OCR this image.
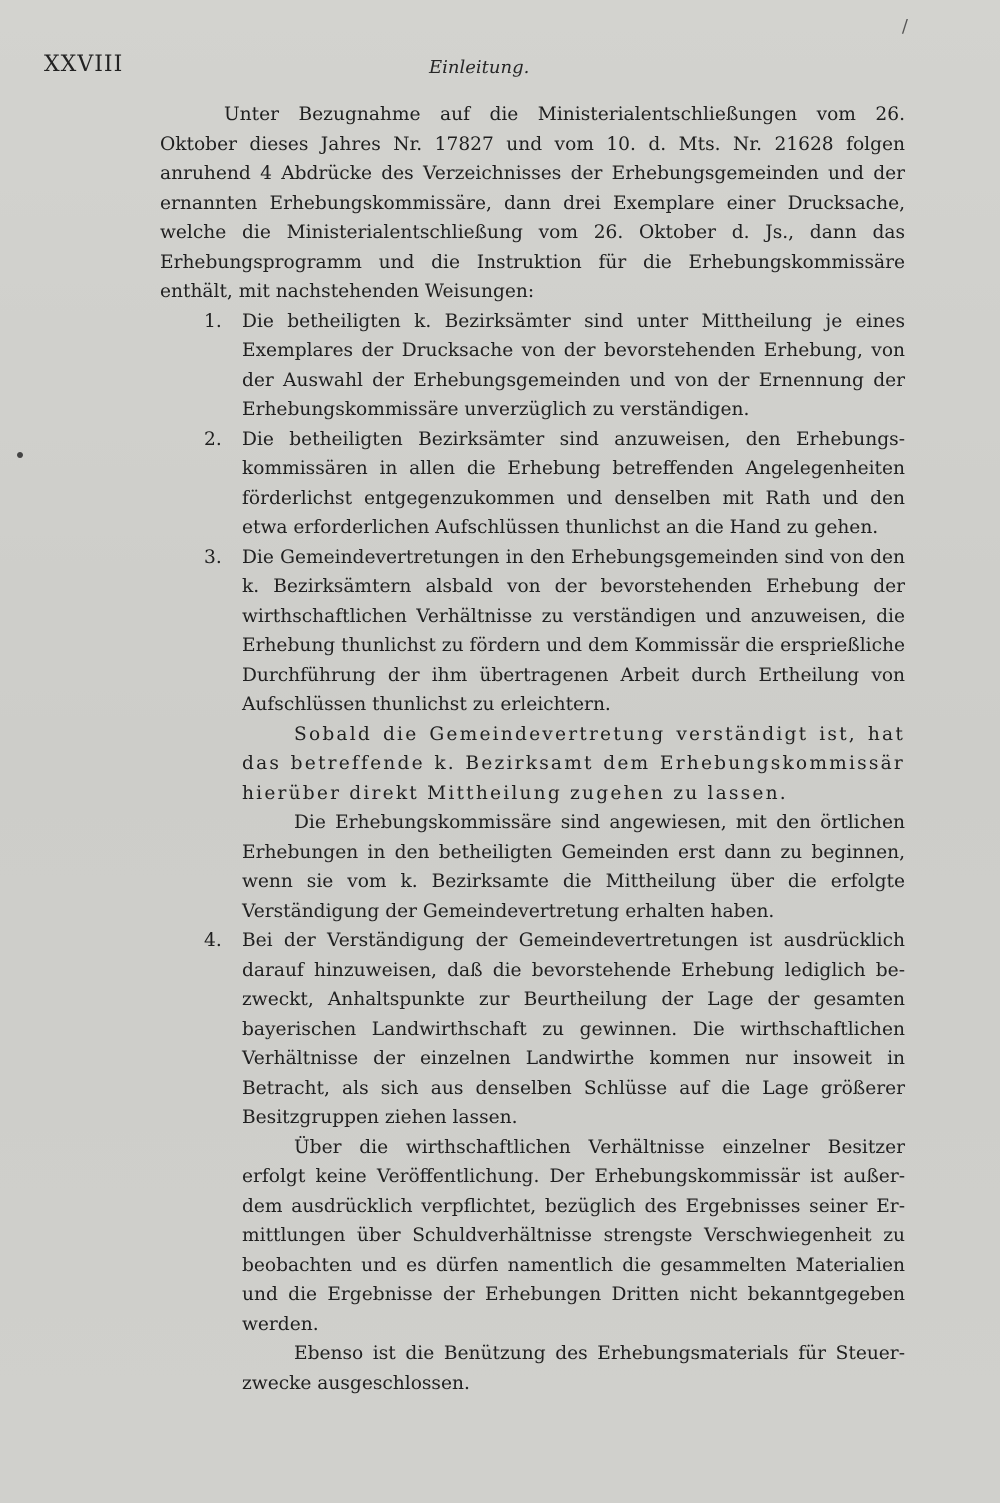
XXVIII	Einleitung.
/

Unter Bezugnahme auf die Ministerialentschließungen vom 26. Oktober dieses Jahres Nr. 17827 und vom 10. d. Mts. Nr. 21628 folgen anruhend 4 Abdrücke des Verzeichnisses der Erhebungsgemeinden und der ernannten Erhebungskommissäre, dann drei Exemplare einer Drucksache, welche die Ministerialentschließung vom 26. Oktober d. Js., dann das Erhebungsprogramm und die Instruktion für die Erhebungskommissäre enthält, mit nachstehenden Weisungen:

1.	Die betheiligten k. Bezirksämter sind unter Mittheilung je eines Exemplares der Drucksache von der bevorstehenden Erhebung, von der Auswahl der Erhebungsgemeinden und von der Ernennung der Erhebungskommissäre unverzüglich zu verständigen.
2.	Die betheiligten Bezirksämter sind anzuweisen, den Erhebungskommissären in allen die Erhebung betreffenden Angelegenheiten förderlichst entgegenzukommen und denselben mit Rath und den etwa erforderlichen Aufschlüssen thunlichst an die Hand zu gehen.
3.	Die Gemeindevertretungen in den Erhebungsgemeinden sind von den k. Bezirksämtern alsbald von der bevorstehenden Erhebung der wirthschaftlichen Verhältnisse zu verständigen und anzuweisen, die Erhebung thunlichst zu fördern und dem Kommissär die ersprießliche Durchführung der ihm übertragenen Arbeit durch Ertheilung von Aufschlüssen thunlichst zu erleichtern.

Sobald die Gemeindevertretung verständigt ist, hat das betreffende k. Bezirksamt dem Erhebungskommissär hierüber direkt Mittheilung zugehen zu lassen.

Die Erhebungskommissäre sind angewiesen, mit den örtlichen Erhebungen in den betheiligten Gemeinden erst dann zu beginnen, wenn sie vom k. Bezirksamte die Mittheilung über die erfolgte Verständigung der Gemeindevertretung erhalten haben.

4.	Bei der Verständigung der Gemeindevertretungen ist ausdrücklich darauf hinzuweisen, daß die bevorstehende Erhebung lediglich bezweckt, Anhaltspunkte zur Beurtheilung der Lage der gesamten bayerischen Landwirthschaft zu gewinnen. Die wirthschaftlichen Verhältnisse der einzelnen Landwirthe kommen nur insoweit in Betracht, als sich aus denselben Schlüsse auf die Lage größerer Besitzgruppen ziehen lassen.

Über die wirthschaftlichen Verhältnisse einzelner Besitzer erfolgt keine Veröffentlichung. Der Erhebungskommissär ist außerdem ausdrücklich verpflichtet, bezüglich des Ergebnisses seiner Ermittlungen über Schuldverhältnisse strengste Verschwiegenheit zu beobachten und es dürfen namentlich die gesammelten Materialien und die Ergebnisse der Erhebungen Dritten nicht bekanntgegeben werden.

Ebenso ist die Benützung des Erhebungsmaterials für Steuerzwecke ausgeschlossen.
